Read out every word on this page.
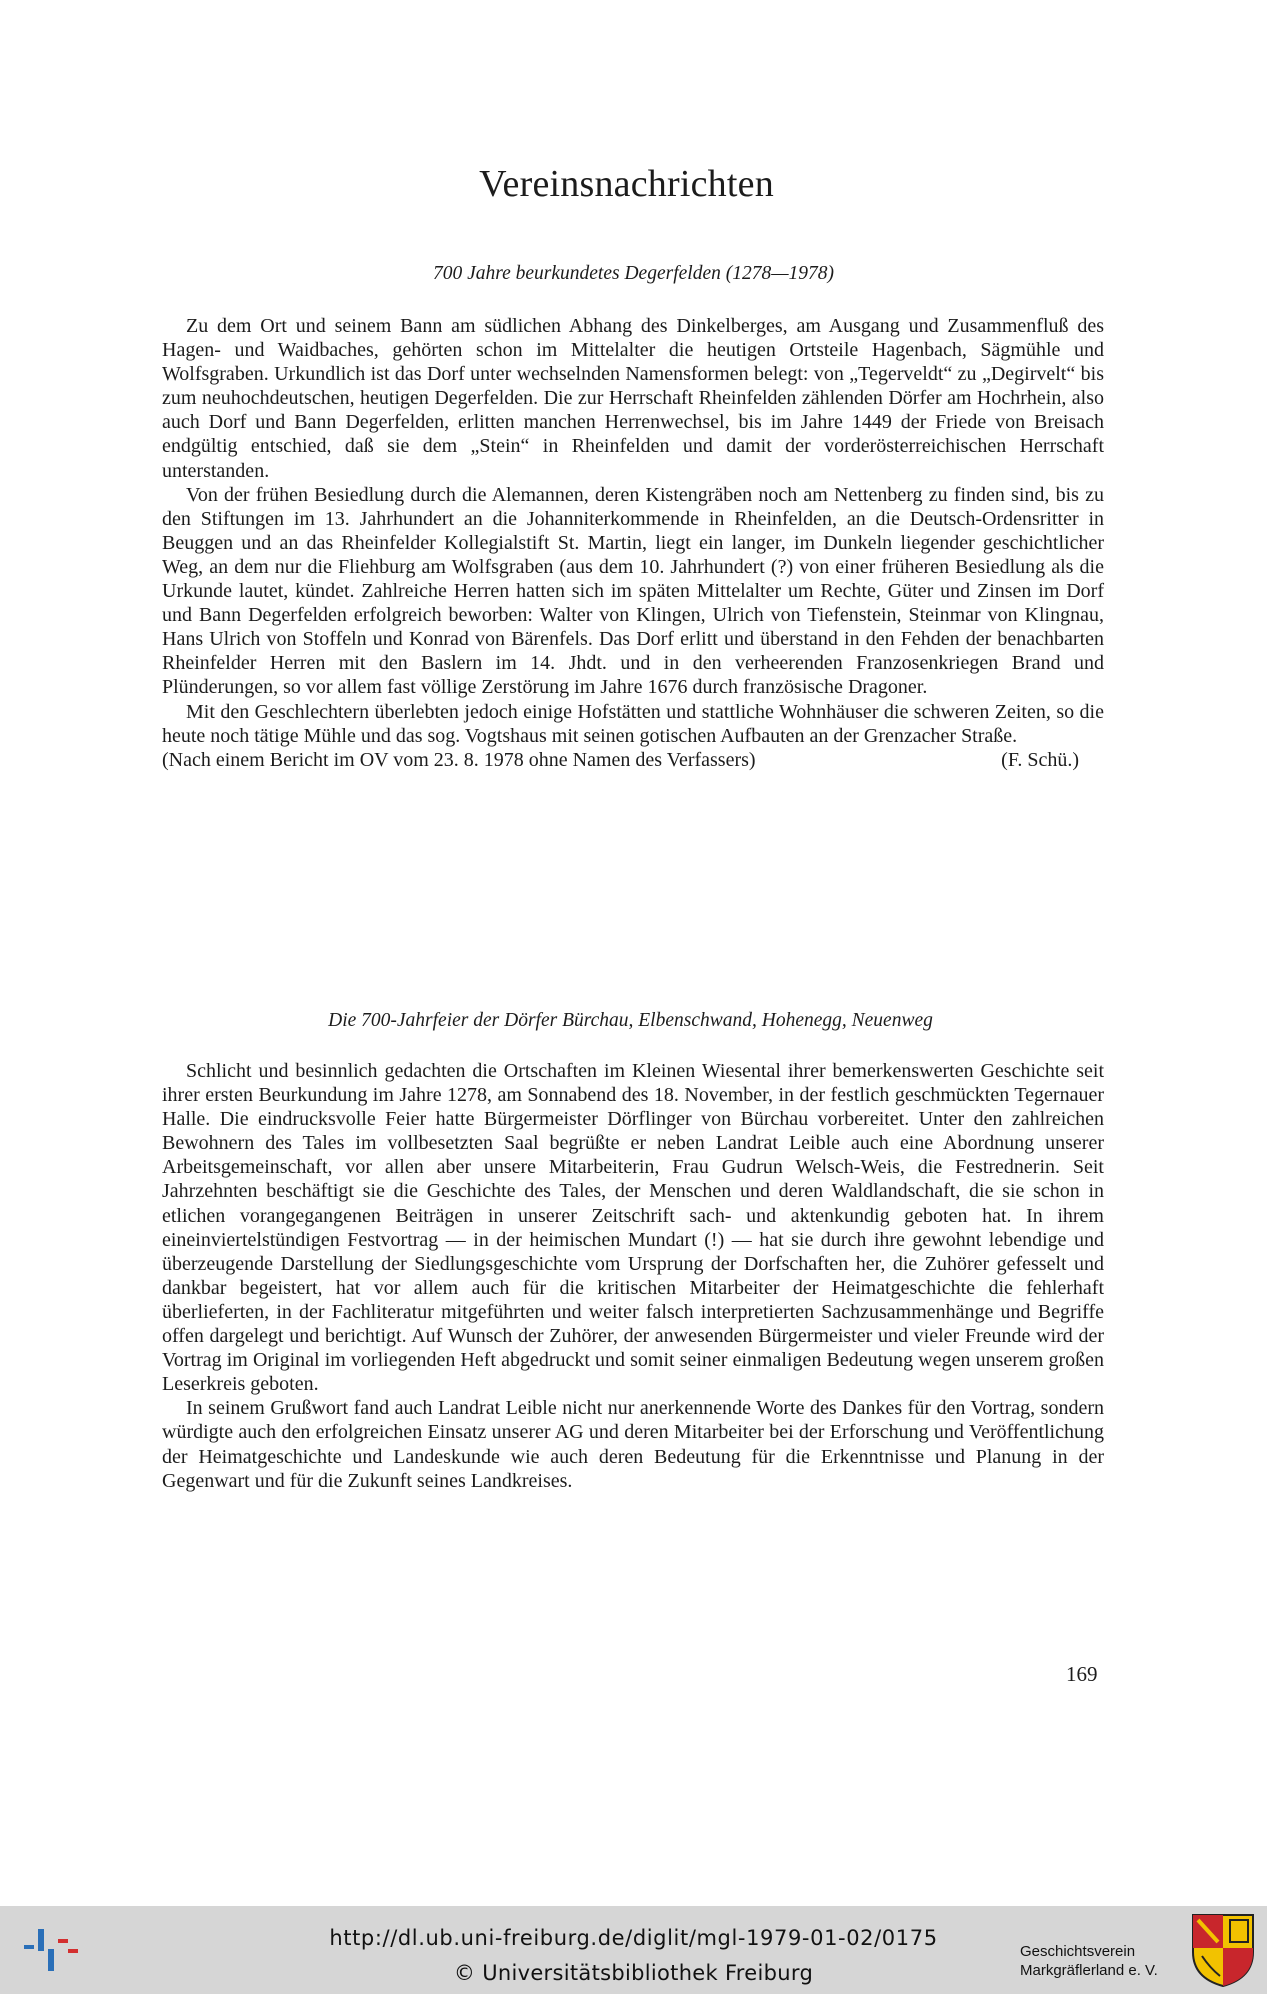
Vereinsnachrichten
700 Jahre beurkundetes Degerfelden (1278—1978)

Zu dem Ort und seinem Bann am südlichen Abhang des Dinkelberges, am Ausgang und Zusammenfluß des Hagen- und Waidbaches, gehörten schon im Mittelalter die heutigen Ortsteile Hagenbach, Sägmühle und Wolfsgraben. Urkundlich ist das Dorf unter wechselnden Namensformen belegt: von „Tegerveldt“ zu „Degirvelt“ bis zum neuhochdeutschen, heutigen Degerfelden. Die zur Herrschaft Rheinfelden zählenden Dörfer am Hochrhein, also auch Dorf und Bann Degerfelden, erlitten manchen Herrenwechsel, bis im Jahre 1449 der Friede von Breisach endgültig entschied, daß sie dem „Stein“ in Rheinfelden und damit der vorderösterreichischen Herrschaft unterstanden.

Von der frühen Besiedlung durch die Alemannen, deren Kistengräben noch am Nettenberg zu finden sind, bis zu den Stiftungen im 13. Jahrhundert an die Johanniterkommende in Rheinfelden, an die Deutsch-Ordensritter in Beuggen und an das Rheinfelder Kollegialstift St. Martin, liegt ein langer, im Dunkeln liegender geschichtlicher Weg, an dem nur die Fliehburg am Wolfsgraben (aus dem 10. Jahrhundert (?) von einer früheren Besiedlung als die Urkunde lautet, kündet. Zahlreiche Herren hatten sich im späten Mittelalter um Rechte, Güter und Zinsen im Dorf und Bann Degerfelden erfolgreich beworben: Walter von Klingen, Ulrich von Tiefenstein, Steinmar von Klingnau, Hans Ulrich von Stoffeln und Konrad von Bärenfels. Das Dorf erlitt und überstand in den Fehden der benachbarten Rheinfelder Herren mit den Baslern im 14. Jhdt. und in den verheerenden Franzosenkriegen Brand und Plünderungen, so vor allem fast völlige Zerstörung im Jahre 1676 durch französische Dragoner.

Mit den Geschlechtern überlebten jedoch einige Hofstätten und stattliche Wohnhäuser die schweren Zeiten, so die heute noch tätige Mühle und das sog. Vogtshaus mit seinen gotischen Aufbauten an der Grenzacher Straße.

(Nach einem Bericht im OV vom 23. 8. 1978 ohne Namen des Verfassers)	(F. Schü.)

Die 700-Jahrfeier der Dörfer Bürchau, Elbenschwand, Hohenegg, Neuenweg

Schlicht und besinnlich gedachten die Ortschaften im Kleinen Wiesental ihrer bemerkenswerten Geschichte seit ihrer ersten Beurkundung im Jahre 1278, am Sonnabend des 18. November, in der festlich geschmückten Tegernauer Halle. Die eindrucksvolle Feier hatte Bürgermeister Dörflinger von Bürchau vorbereitet. Unter den zahlreichen Bewohnern des Tales im vollbesetzten Saal begrüßte er neben Landrat Leible auch eine Abordnung unserer Arbeitsgemeinschaft, vor allen aber unsere Mitarbeiterin, Frau Gudrun Welsch-Weis, die Festrednerin. Seit Jahrzehnten beschäftigt sie die Geschichte des Tales, der Menschen und deren Waldlandschaft, die sie schon in etlichen vorangegangenen Beiträgen in unserer Zeitschrift sach- und aktenkundig geboten hat. In ihrem eineinviertelstündigen Festvortrag — in der heimischen Mundart (!) — hat sie durch ihre gewohnt lebendige und überzeugende Darstellung der Siedlungsgeschichte vom Ursprung der Dorfschaften her, die Zuhörer gefesselt und dankbar begeistert, hat vor allem auch für die kritischen Mitarbeiter der Heimatgeschichte die fehlerhaft überlieferten, in der Fachliteratur mitgeführten und weiter falsch interpretierten Sachzusammenhänge und Begriffe offen dargelegt und berichtigt. Auf Wunsch der Zuhörer, der anwesenden Bürgermeister und vieler Freunde wird der Vortrag im Original im vorliegenden Heft abgedruckt und somit seiner einmaligen Bedeutung wegen unserem großen Leserkreis geboten.

In seinem Grußwort fand auch Landrat Leible nicht nur anerkennende Worte des Dankes für den Vortrag, sondern würdigte auch den erfolgreichen Einsatz unserer AG und deren Mitarbeiter bei der Erforschung und Veröffentlichung der Heimatgeschichte und Landeskunde wie auch deren Bedeutung für die Erkenntnisse und Planung in der Gegenwart und für die Zukunft seines Landkreises.

169
http://dl.ub.uni-freiburg.de/diglit/mgl-1979-01-02/0175
© Universitätsbibliothek Freiburg
Geschichtsverein
Markgräflerland e. V.
